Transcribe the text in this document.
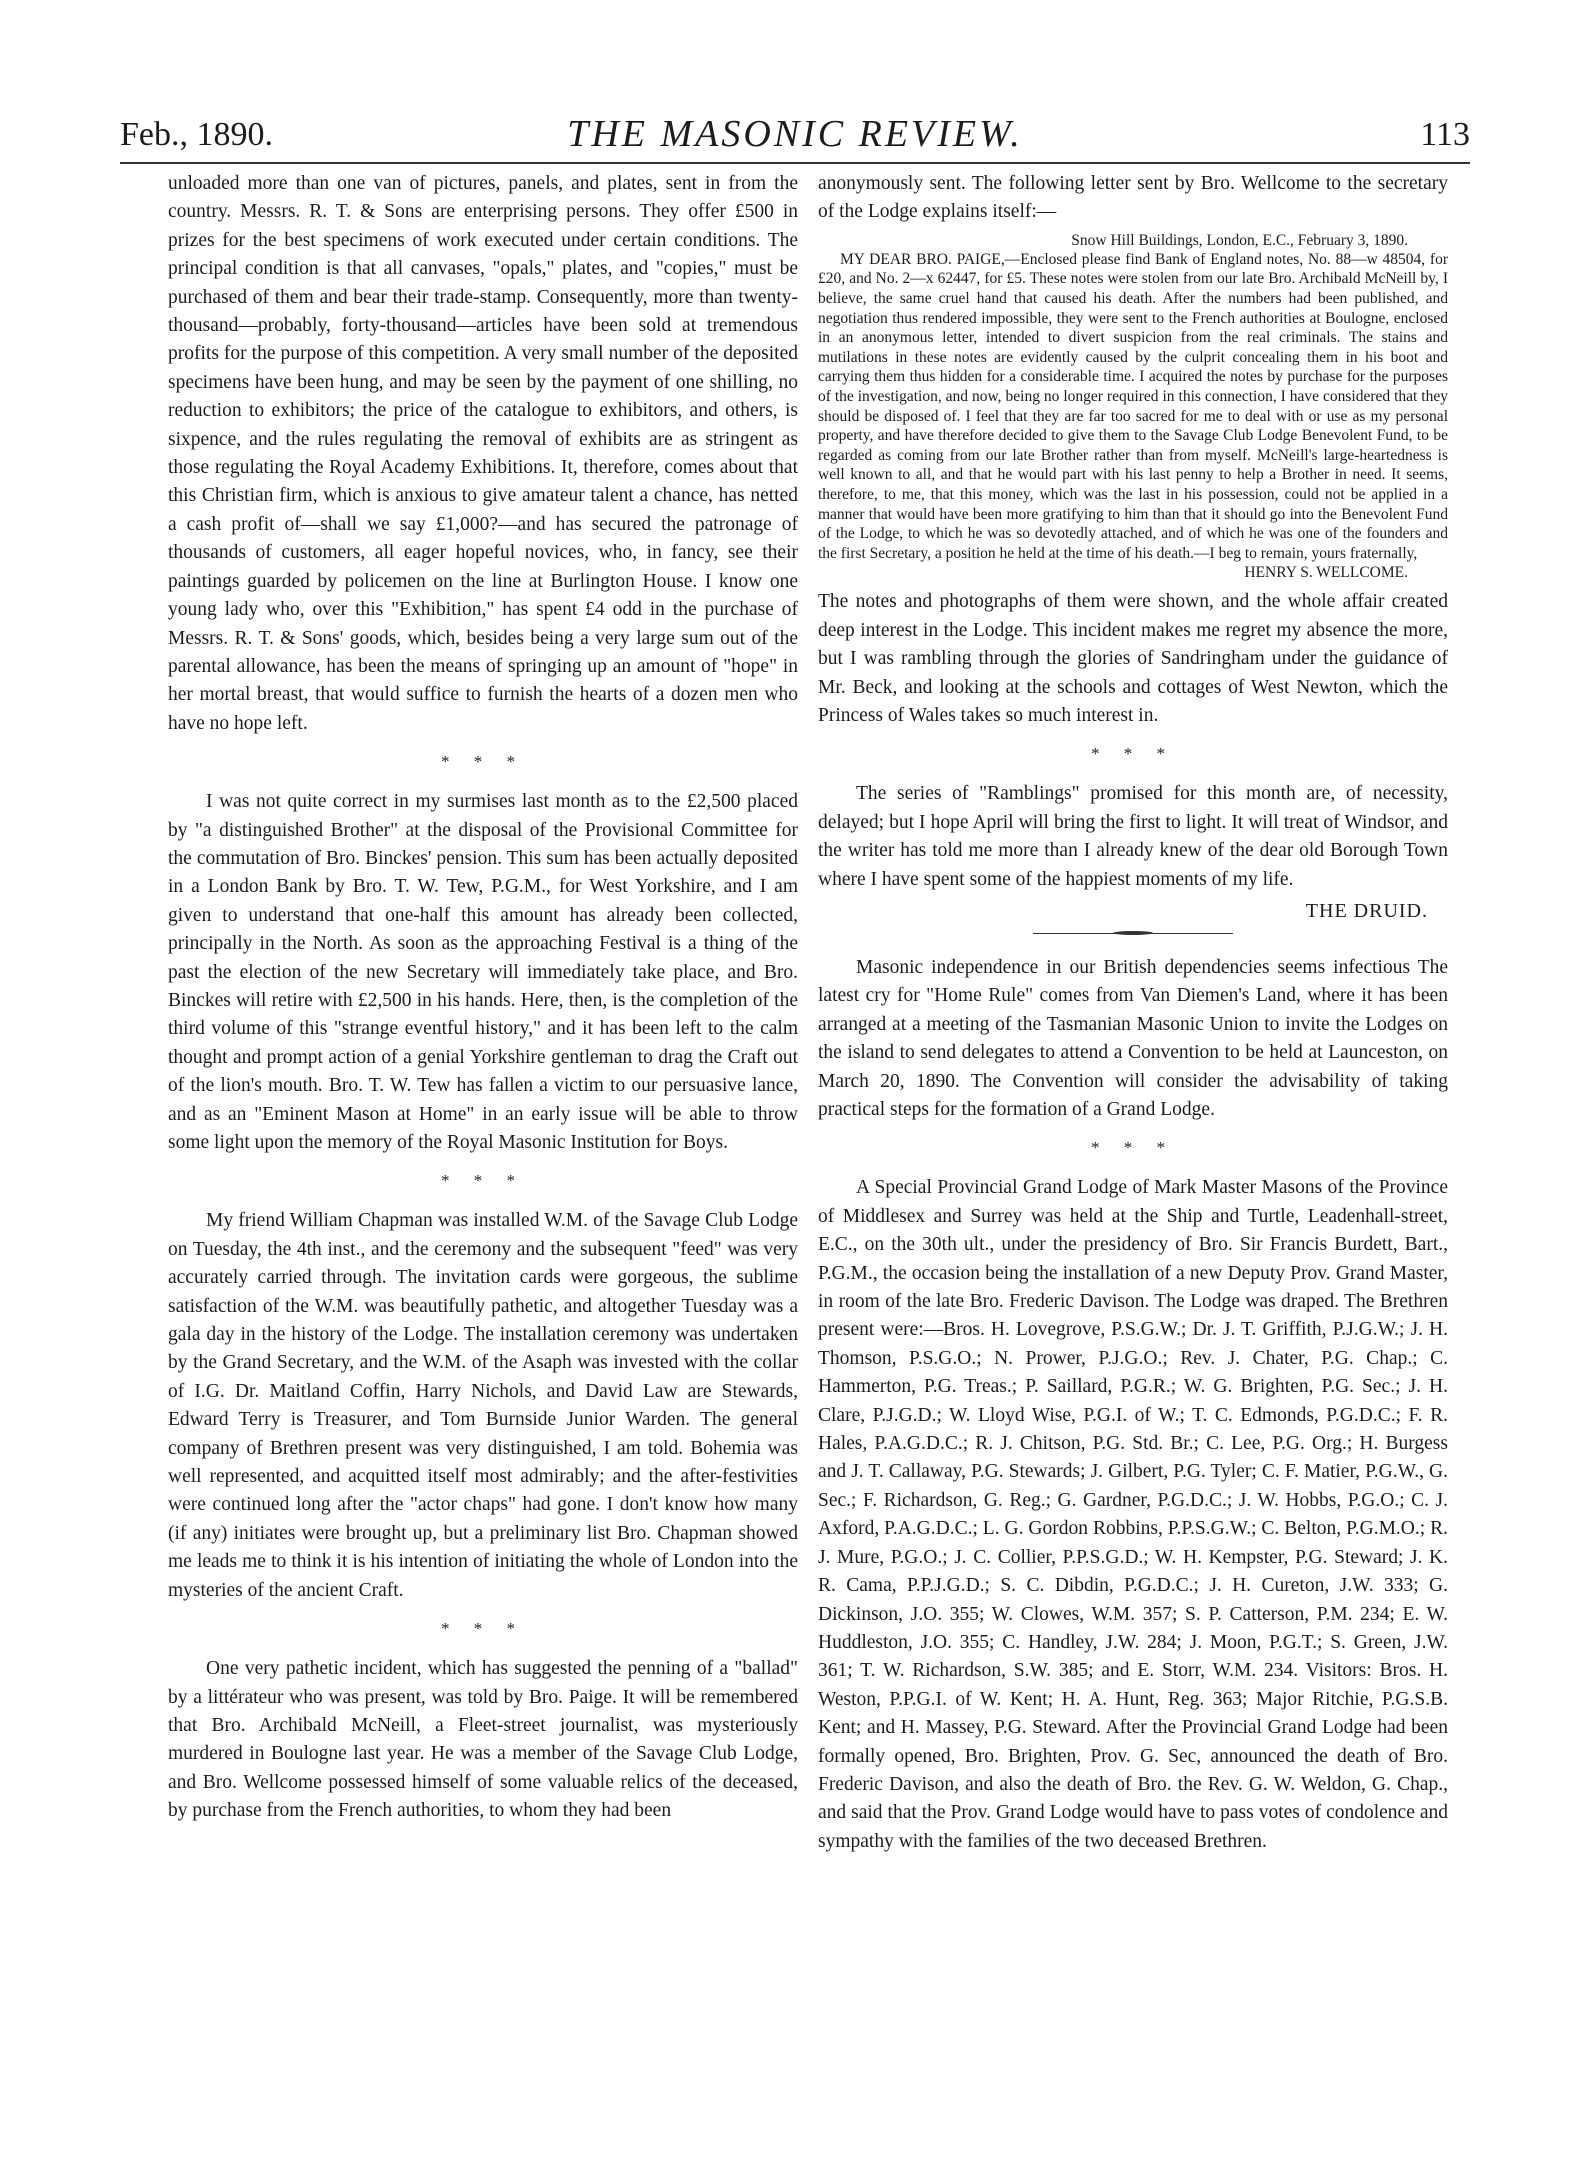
Feb., 1890.	THE MASONIC REVIEW.	113

unloaded more than one van of pictures, panels, and plates, sent in from the country. Messrs. R. T. & Sons are enterprising persons. They offer £500 in prizes for the best specimens of work executed under certain conditions. The principal condition is that all canvases, "opals," plates, and "copies," must be purchased of them and bear their trade-stamp. Consequently, more than twenty-thousand—probably, forty-thousand—articles have been sold at tremendous profits for the purpose of this competition. A very small number of the deposited specimens have been hung, and may be seen by the payment of one shilling, no reduction to exhibitors; the price of the catalogue to exhibitors, and others, is sixpence, and the rules regulating the removal of exhibits are as stringent as those regulating the Royal Academy Exhibitions. It, therefore, comes about that this Christian firm, which is anxious to give amateur talent a chance, has netted a cash profit of—shall we say £1,000?—and has secured the patronage of thousands of customers, all eager hopeful novices, who, in fancy, see their paintings guarded by policemen on the line at Burlington House. I know one young lady who, over this "Exhibition," has spent £4 odd in the purchase of Messrs. R. T. & Sons' goods, which, besides being a very large sum out of the parental allowance, has been the means of springing up an amount of "hope" in her mortal breast, that would suffice to furnish the hearts of a dozen men who have no hope left.

* * *

I was not quite correct in my surmises last month as to the £2,500 placed by "a distinguished Brother" at the disposal of the Provisional Committee for the commutation of Bro. Binckes' pension. This sum has been actually deposited in a London Bank by Bro. T. W. Tew, P.G.M., for West Yorkshire, and I am given to understand that one-half this amount has already been collected, principally in the North. As soon as the approaching Festival is a thing of the past the election of the new Secretary will immediately take place, and Bro. Binckes will retire with £2,500 in his hands. Here, then, is the completion of the third volume of this "strange eventful history," and it has been left to the calm thought and prompt action of a genial Yorkshire gentleman to drag the Craft out of the lion's mouth. Bro. T. W. Tew has fallen a victim to our persuasive lance, and as an "Eminent Mason at Home" in an early issue will be able to throw some light upon the memory of the Royal Masonic Institution for Boys.

* * *

My friend William Chapman was installed W.M. of the Savage Club Lodge on Tuesday, the 4th inst., and the ceremony and the subsequent "feed" was very accurately carried through. The invitation cards were gorgeous, the sublime satisfaction of the W.M. was beautifully pathetic, and altogether Tuesday was a gala day in the history of the Lodge. The installation ceremony was undertaken by the Grand Secretary, and the W.M. of the Asaph was invested with the collar of I.G. Dr. Maitland Coffin, Harry Nichols, and David Law are Stewards, Edward Terry is Treasurer, and Tom Burnside Junior Warden. The general company of Brethren present was very distinguished, I am told. Bohemia was well represented, and acquitted itself most admirably; and the after-festivities were continued long after the "actor chaps" had gone. I don't know how many (if any) initiates were brought up, but a preliminary list Bro. Chapman showed me leads me to think it is his intention of initiating the whole of London into the mysteries of the ancient Craft.

* * *

One very pathetic incident, which has suggested the penning of a "ballad" by a littérateur who was present, was told by Bro. Paige. It will be remembered that Bro. Archibald McNeill, a Fleet-street journalist, was mysteriously murdered in Boulogne last year. He was a member of the Savage Club Lodge, and Bro. Wellcome possessed himself of some valuable relics of the deceased, by purchase from the French authorities, to whom they had been

anonymously sent. The following letter sent by Bro. Wellcome to the secretary of the Lodge explains itself:—

Snow Hill Buildings, London, E.C., February 3, 1890.
MY DEAR BRO. PAIGE,—Enclosed please find Bank of England notes, No. 88—w 48504, for £20, and No. 2—x 62447, for £5. These notes were stolen from our late Bro. Archibald McNeill by, I believe, the same cruel hand that caused his death. After the numbers had been published, and negotiation thus rendered impossible, they were sent to the French authorities at Boulogne, enclosed in an anonymous letter, intended to divert suspicion from the real criminals. The stains and mutilations in these notes are evidently caused by the culprit concealing them in his boot and carrying them thus hidden for a considerable time. I acquired the notes by purchase for the purposes of the investigation, and now, being no longer required in this connection, I have considered that they should be disposed of. I feel that they are far too sacred for me to deal with or use as my personal property, and have therefore decided to give them to the Savage Club Lodge Benevolent Fund, to be regarded as coming from our late Brother rather than from myself. McNeill's large-heartedness is well known to all, and that he would part with his last penny to help a Brother in need. It seems, therefore, to me, that this money, which was the last in his possession, could not be applied in a manner that would have been more gratifying to him than that it should go into the Benevolent Fund of the Lodge, to which he was so devotedly attached, and of which he was one of the founders and the first Secretary, a position he held at the time of his death.—I beg to remain, yours fraternally,
HENRY S. WELLCOME.

The notes and photographs of them were shown, and the whole affair created deep interest in the Lodge. This incident makes me regret my absence the more, but I was rambling through the glories of Sandringham under the guidance of Mr. Beck, and looking at the schools and cottages of West Newton, which the Princess of Wales takes so much interest in.

* * *

The series of "Ramblings" promised for this month are, of necessity, delayed; but I hope April will bring the first to light. It will treat of Windsor, and the writer has told me more than I already knew of the dear old Borough Town where I have spent some of the happiest moments of my life.

THE DRUID.

Masonic independence in our British dependencies seems infectious The latest cry for "Home Rule" comes from Van Diemen's Land, where it has been arranged at a meeting of the Tasmanian Masonic Union to invite the Lodges on the island to send delegates to attend a Convention to be held at Launceston, on March 20, 1890. The Convention will consider the advisability of taking practical steps for the formation of a Grand Lodge.

* * *

A Special Provincial Grand Lodge of Mark Master Masons of the Province of Middlesex and Surrey was held at the Ship and Turtle, Leadenhall-street, E.C., on the 30th ult., under the presidency of Bro. Sir Francis Burdett, Bart., P.G.M., the occasion being the installation of a new Deputy Prov. Grand Master, in room of the late Bro. Frederic Davison. The Lodge was draped. The Brethren present were:—Bros. H. Lovegrove, P.S.G.W.; Dr. J. T. Griffith, P.J.G.W.; J. H. Thomson, P.S.G.O.; N. Prower, P.J.G.O.; Rev. J. Chater, P.G. Chap.; C. Hammerton, P.G. Treas.; P. Saillard, P.G.R.; W. G. Brighten, P.G. Sec.; J. H. Clare, P.J.G.D.; W. Lloyd Wise, P.G.I. of W.; T. C. Edmonds, P.G.D.C.; F. R. Hales, P.A.G.D.C.; R. J. Chitson, P.G. Std. Br.; C. Lee, P.G. Org.; H. Burgess and J. T. Callaway, P.G. Stewards; J. Gilbert, P.G. Tyler; C. F. Matier, P.G.W., G. Sec.; F. Richardson, G. Reg.; G. Gardner, P.G.D.C.; J. W. Hobbs, P.G.O.; C. J. Axford, P.A.G.D.C.; L. G. Gordon Robbins, P.P.S.G.W.; C. Belton, P.G.M.O.; R. J. Mure, P.G.O.; J. C. Collier, P.P.S.G.D.; W. H. Kempster, P.G. Steward; J. K. R. Cama, P.P.J.G.D.; S. C. Dibdin, P.G.D.C.; J. H. Cureton, J.W. 333; G. Dickinson, J.O. 355; W. Clowes, W.M. 357; S. P. Catterson, P.M. 234; E. W. Huddleston, J.O. 355; C. Handley, J.W. 284; J. Moon, P.G.T.; S. Green, J.W. 361; T. W. Richardson, S.W. 385; and E. Storr, W.M. 234. Visitors: Bros. H. Weston, P.P.G.I. of W. Kent; H. A. Hunt, Reg. 363; Major Ritchie, P.G.S.B. Kent; and H. Massey, P.G. Steward. After the Provincial Grand Lodge had been formally opened, Bro. Brighten, Prov. G. Sec, announced the death of Bro. Frederic Davison, and also the death of Bro. the Rev. G. W. Weldon, G. Chap., and said that the Prov. Grand Lodge would have to pass votes of condolence and sympathy with the families of the two deceased Brethren.
